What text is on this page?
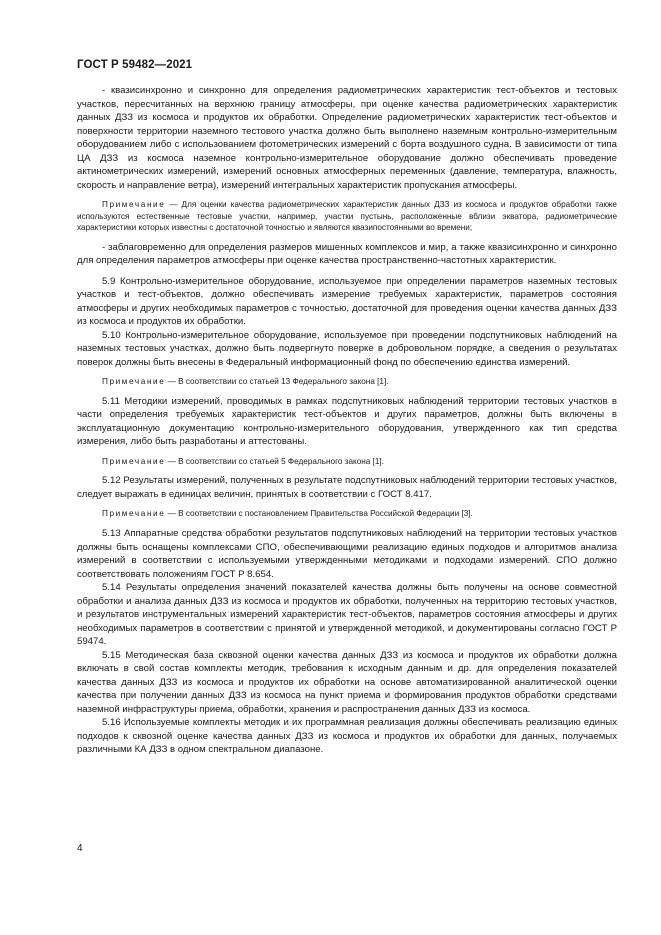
ГОСТ Р 59482—2021

- квазисинхронно и синхронно для определения радиометрических характеристик тест-объектов и тестовых участков, пересчитанных на верхнюю границу атмосферы, при оценке качества радиометрических характеристик данных ДЗЗ из космоса и продуктов их обработки. Определение радиометрических характеристик тест-объектов и поверхности территории наземного тестового участка должно быть выполнено наземным контрольно-измерительным оборудованием либо с использованием фотометрических измерений с борта воздушного судна. В зависимости от типа ЦА ДЗЗ из космоса наземное контрольно-измерительное оборудование должно обеспечивать проведение актинометрических измерений, измерений основных атмосферных переменных (давление, температура, влажность, скорость и направление ветра), измерений интегральных характеристик пропускания атмосферы.

Примечание — Для оценки качества радиометрических характеристик данных ДЗЗ из космоса и продуктов обработки также используются естественные тестовые участки, например, участки пустынь, расположенные вблизи экватора, радиометрические характеристики которых известны с достаточной точностью и являются квазипостоянными во времени;

- заблаговременно для определения размеров мишенных комплексов и мир, а также квазисинхронно и синхронно для определения параметров атмосферы при оценке качества пространственно-частотных характеристик.

5.9 Контрольно-измерительное оборудование, используемое при определении параметров наземных тестовых участков и тест-объектов, должно обеспечивать измерение требуемых характеристик, параметров состояния атмосферы и других необходимых параметров с точностью, достаточной для проведения оценки качества данных ДЗЗ из космоса и продуктов их обработки.

5.10 Контрольно-измерительное оборудование, используемое при проведении подспутниковых наблюдений на наземных тестовых участках, должно быть подвергнуто поверке в добровольном порядке, а сведения о результатах поверок должны быть внесены в Федеральный информационный фонд по обеспечению единства измерений.

Примечание — В соответствии со статьей 13 Федерального закона [1].

5.11 Методики измерений, проводимых в рамках подспутниковых наблюдений территории тестовых участков в части определения требуемых характеристик тест-объектов и других параметров, должны быть включены в эксплуатационную документацию контрольно-измерительного оборудования, утвержденного как тип средства измерения, либо быть разработаны и аттестованы.

Примечание — В соответствии со статьей 5 Федерального закона [1].

5.12 Результаты измерений, полученных в результате подспутниковых наблюдений территории тестовых участков, следует выражать в единицах величин, принятых в соответствии с ГОСТ 8.417.

Примечание — В соответствии с постановлением Правительства Российской Федерации [3].

5.13 Аппаратные средства обработки результатов подспутниковых наблюдений на территории тестовых участков должны быть оснащены комплексами СПО, обеспечивающими реализацию единых подходов и алгоритмов анализа измерений в соответствии с используемыми утвержденными методиками и подходами измерений. СПО должно соответствовать положениям ГОСТ Р 8.654.

5.14 Результаты определения значений показателей качества должны быть получены на основе совместной обработки и анализа данных ДЗЗ из космоса и продуктов их обработки, полученных на территорию тестовых участков, и результатов инструментальных измерений характеристик тест-объектов, параметров состояния атмосферы и других необходимых параметров в соответствии с принятой и утвержденной методикой, и документированы согласно ГОСТ Р 59474.

5.15 Методическая база сквозной оценки качества данных ДЗЗ из космоса и продуктов их обработки должна включать в свой состав комплекты методик, требования к исходным данным и др. для определения показателей качества данных ДЗЗ из космоса и продуктов их обработки на основе автоматизированной аналитической оценки качества при получении данных ДЗЗ из космоса на пункт приема и формирования продуктов обработки средствами наземной инфраструктуры приема, обработки, хранения и распространения данных ДЗЗ из космоса.

5.16 Используемые комплекты методик и их программная реализация должны обеспечивать реализацию единых подходов к сквозной оценке качества данных ДЗЗ из космоса и продуктов их обработки для данных, получаемых различными КА ДЗЗ в одном спектральном диапазоне.

4
